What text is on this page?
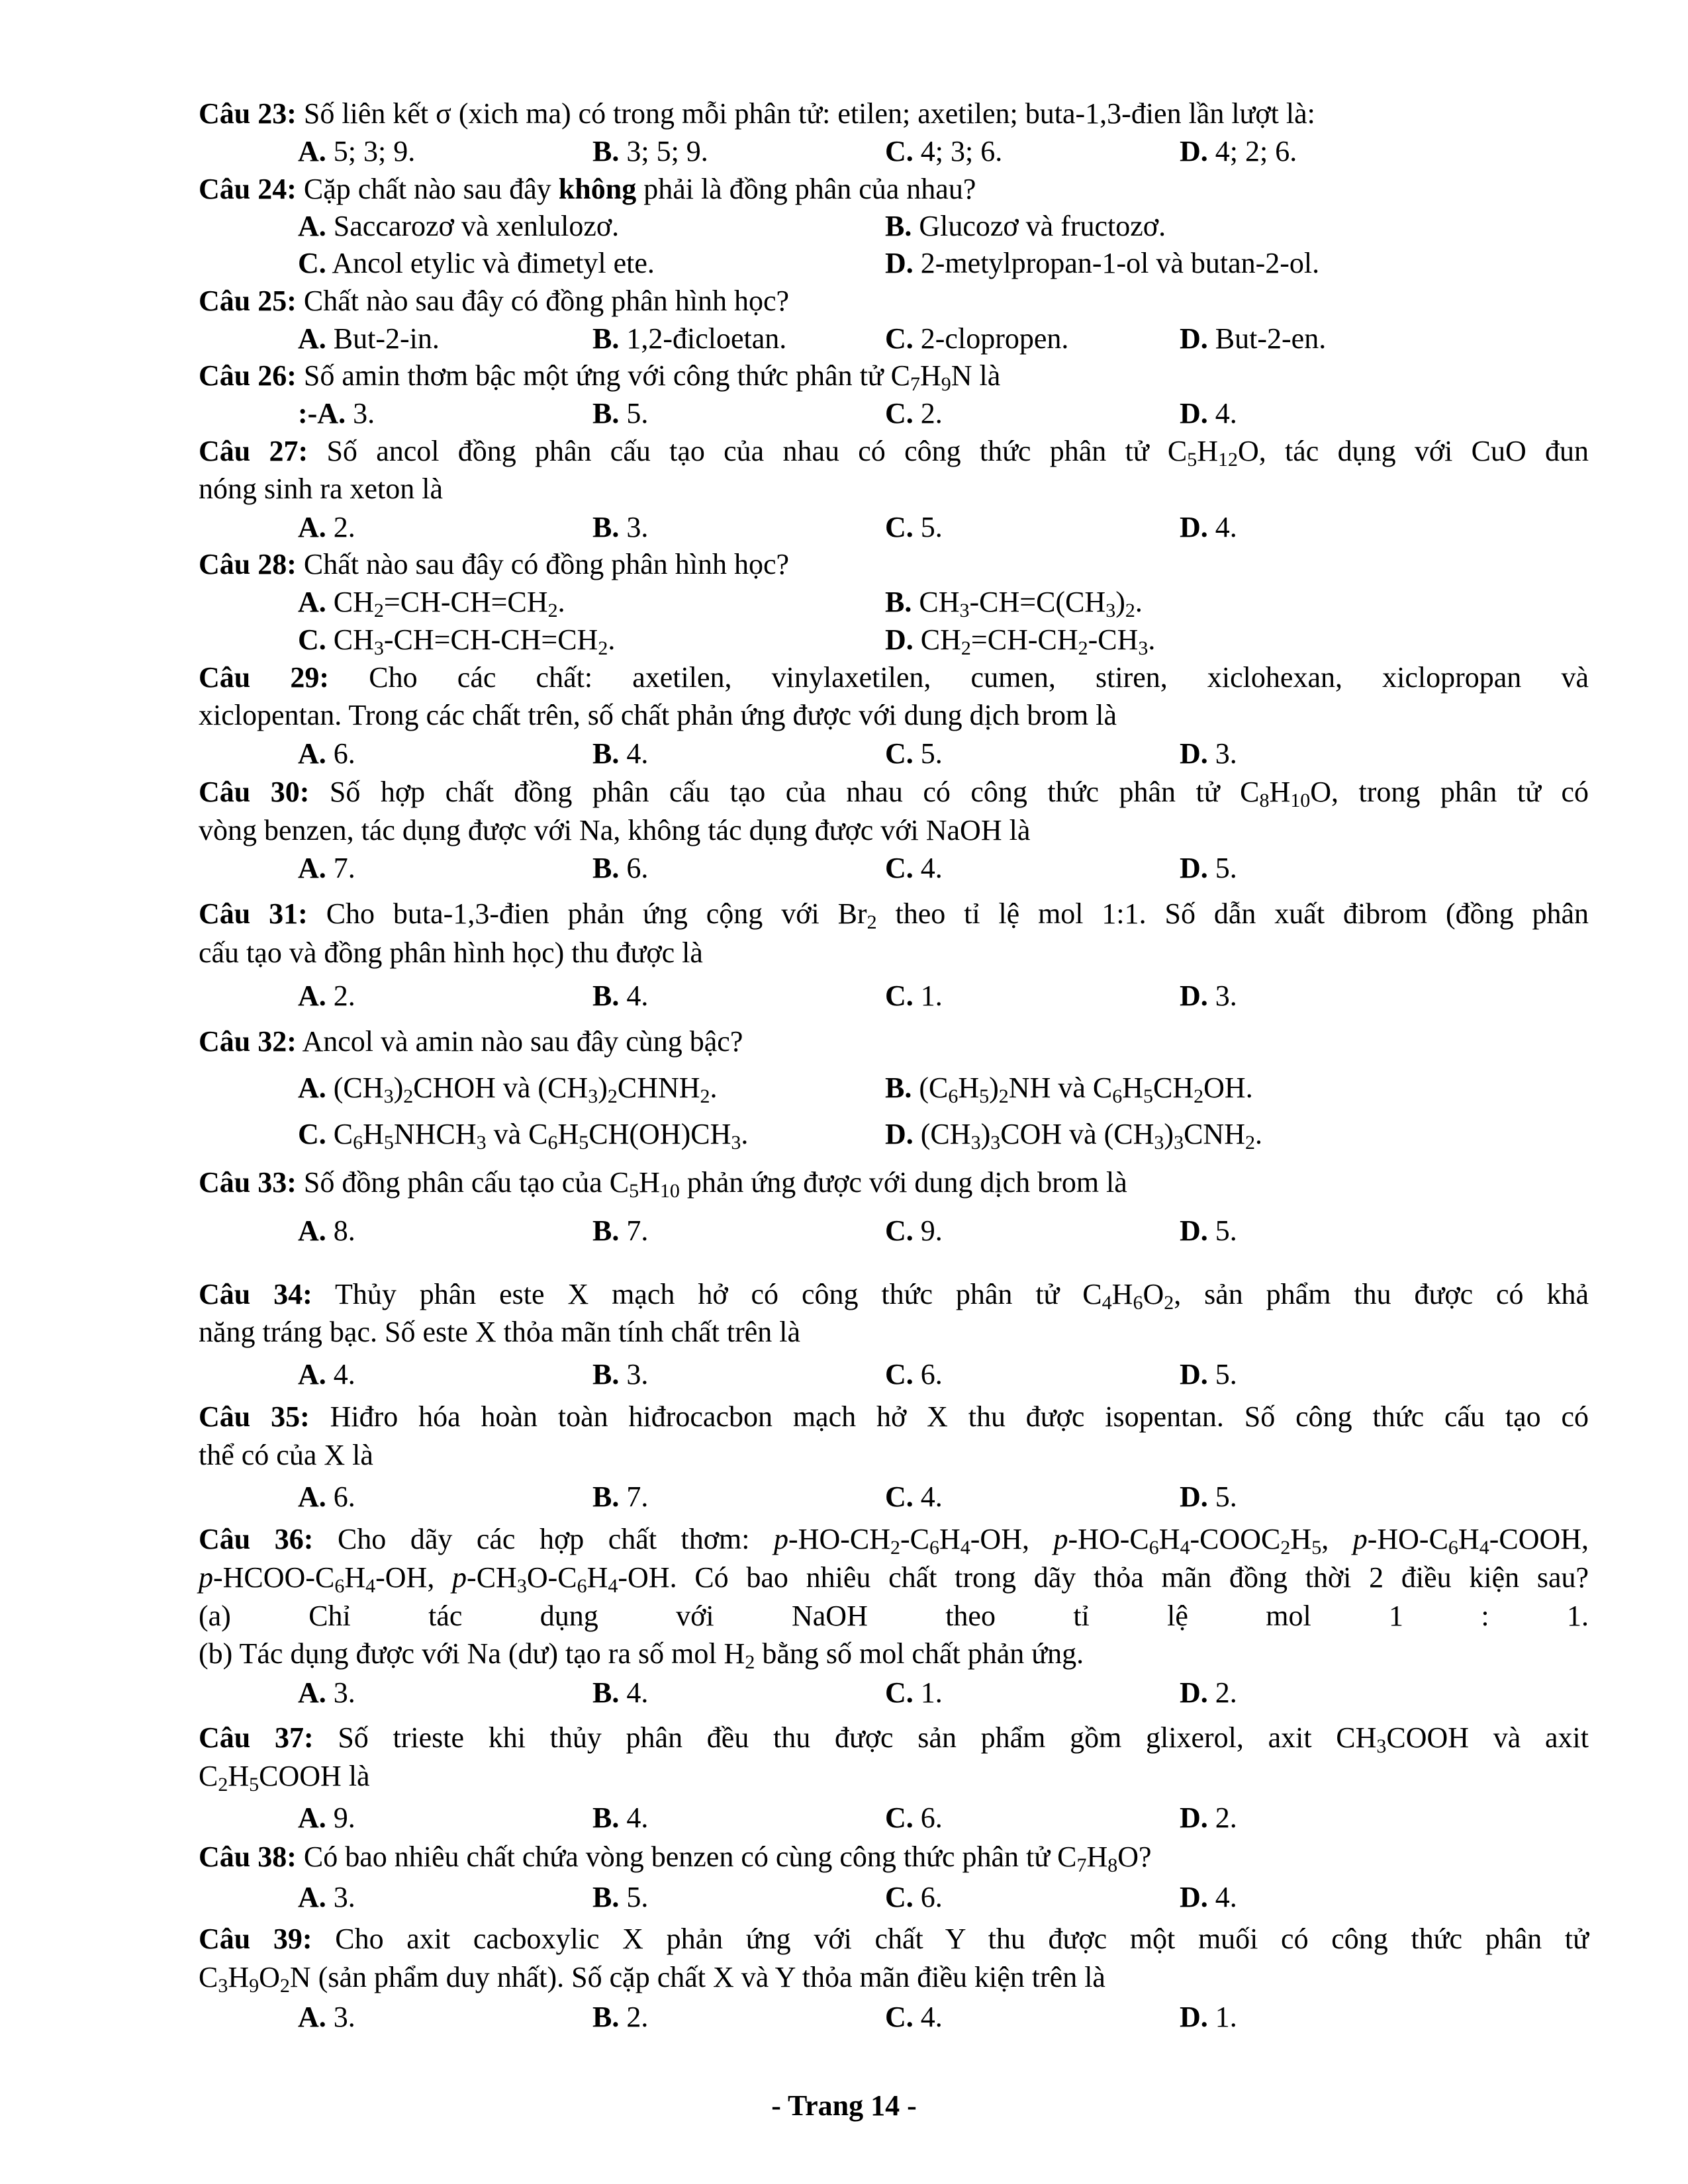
Câu 23: Số liên kết σ (xich ma) có trong mỗi phân tử: etilen; axetilen; buta-1,3-đien lần lượt là:
A. 5; 3; 9.	B. 3; 5; 9.	C. 4; 3; 6.	D. 4; 2; 6.
Câu 24: Cặp chất nào sau đây không phải là đồng phân của nhau?
A. Saccarozơ và xenlulozơ.	B. Glucozơ và fructozơ.
C. Ancol etylic và đimetyl ete.	D. 2-metylpropan-1-ol và butan-2-ol.
Câu 25: Chất nào sau đây có đồng phân hình học?
A. But-2-in.	B. 1,2-đicloetan.	C. 2-clopropen.	D. But-2-en.
Câu 26: Số amin thơm bậc một ứng với công thức phân tử $C_7H_9N$ là
:-A. 3.	B. 5.	C. 2.	D. 4.
Câu 27: Số ancol đồng phân cấu tạo của nhau có công thức phân tử $C_5H_{12}O$, tác dụng với CuO đun
nóng sinh ra xeton là
A. 2.	B. 3.	C. 5.	D. 4.
Câu 28: Chất nào sau đây có đồng phân hình học?
A. $CH_2=CH-CH=CH_2$.	B. $CH_3-CH=C(CH_3)_2$.
C. $CH_3-CH=CH-CH=CH_2$.	D. $CH_2=CH-CH_2-CH_3$.
Câu 29: Cho các chất: axetilen, vinylaxetilen, cumen, stiren, xiclohexan, xiclopropan và
xiclopentan. Trong các chất trên, số chất phản ứng được với dung dịch brom là
A. 6.	B. 4.	C. 5.	D. 3.
Câu 30: Số hợp chất đồng phân cấu tạo của nhau có công thức phân tử $C_8H_{10}O$, trong phân tử có
vòng benzen, tác dụng được với Na, không tác dụng được với NaOH là
A. 7.	B. 6.	C. 4.	D. 5.
Câu 31: Cho buta-1,3-đien phản ứng cộng với $Br_2$ theo tỉ lệ mol 1:1. Số dẫn xuất đibrom (đồng phân
cấu tạo và đồng phân hình học) thu được là
A. 2.	B. 4.	C. 1.	D. 3.
Câu 32: Ancol và amin nào sau đây cùng bậc?
A. $(CH_3)_2CHOH$ và $(CH_3)_2CHNH_2$.	B. $(C_6H_5)_2NH$ và $C_6H_5CH_2OH$.
C. $C_6H_5NHCH_3$ và $C_6H_5CH(OH)CH_3$.	D. $(CH_3)_3COH$ và $(CH_3)_3CNH_2$.
Câu 33: Số đồng phân cấu tạo của $C_5H_{10}$ phản ứng được với dung dịch brom là
A. 8.	B. 7.	C. 9.	D. 5.
Câu 34: Thủy phân este X mạch hở có công thức phân tử $C_4H_6O_2$, sản phẩm thu được có khả
năng tráng bạc. Số este X thỏa mãn tính chất trên là
A. 4.	B. 3.	C. 6.	D. 5.
Câu 35: Hiđro hóa hoàn toàn hiđrocacbon mạch hở X thu được isopentan. Số công thức cấu tạo có
thể có của X là
A. 6.	B. 7.	C. 4.	D. 5.
Câu 36: Cho dãy các hợp chất thơm: $p-HO-CH_2-C_6H_4-OH$, $p-HO-C_6H_4-COOC_2H_5$, $p-HO-C_6H_4$-COOH,
$p-HCOO-C_6H_4-OH$, $p-CH_3O-C_6H_4-OH$. Có bao nhiêu chất trong dãy thỏa mãn đồng thời 2 điều kiện sau?
(a) Chỉ tác dụng với NaOH theo tỉ lệ mol 1 : 1.
(b) Tác dụng được với Na (dư) tạo ra số mol $H_2$ bằng số mol chất phản ứng.
A. 3.	B. 4.	C. 1.	D. 2.
Câu 37: Số trieste khi thủy phân đều thu được sản phẩm gồm glixerol, axit $CH_3COOH$ và axit
$C_2H_5COOH$ là
A. 9.	B. 4.	C. 6.	D. 2.
Câu 38: Có bao nhiêu chất chứa vòng benzen có cùng công thức phân tử $C_7H_8O$?
A. 3.	B. 5.	C. 6.	D. 4.
Câu 39: Cho axit cacboxylic X phản ứng với chất Y thu được một muối có công thức phân tử
$C_3H_9O_2N$ (sản phẩm duy nhất). Số cặp chất X và Y thỏa mãn điều kiện trên là
A. 3.	B. 2.	C. 4.	D. 1.
- Trang 14 -
